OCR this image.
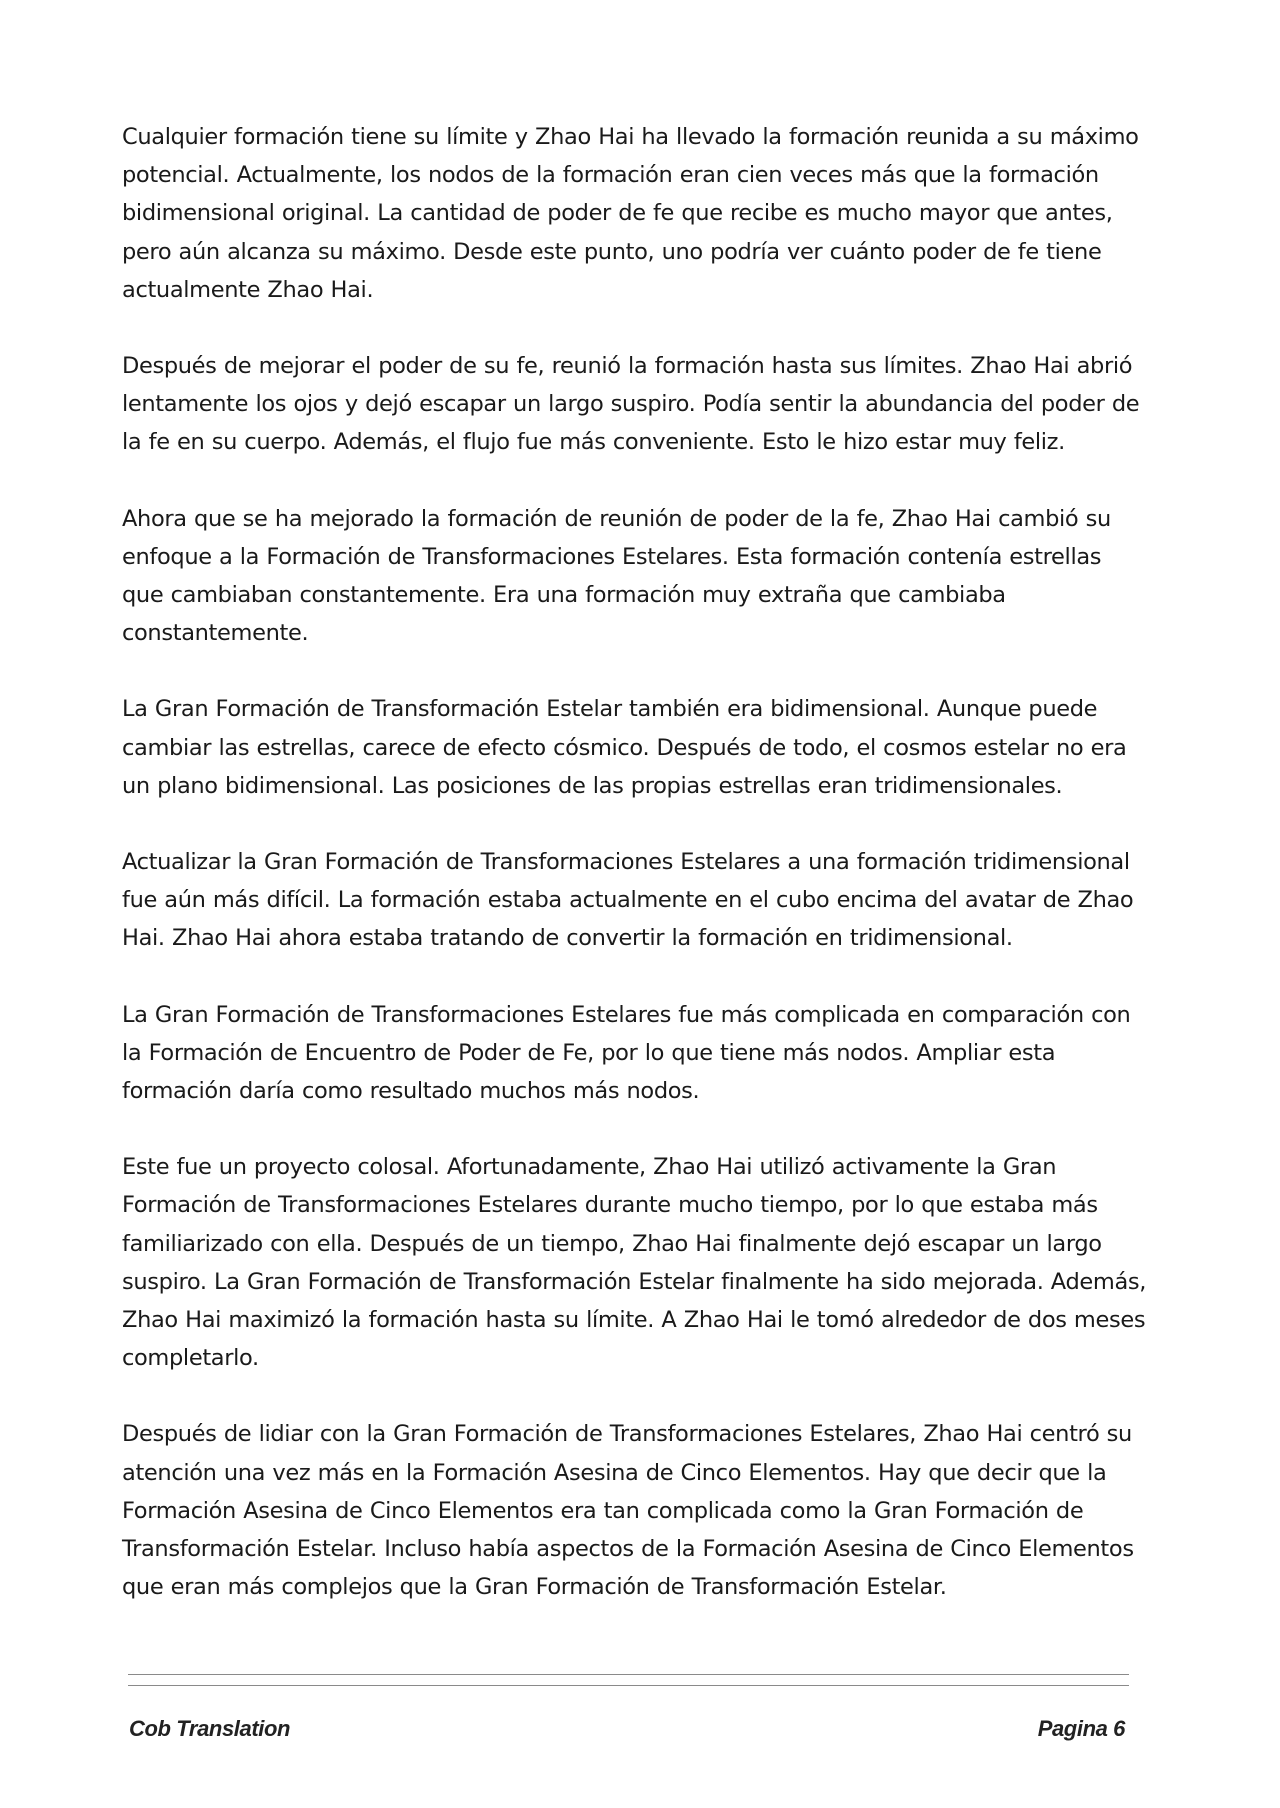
Cualquier formación tiene su límite y Zhao Hai ha llevado la formación reunida a su máximo potencial. Actualmente, los nodos de la formación eran cien veces más que la formación bidimensional original. La cantidad de poder de fe que recibe es mucho mayor que antes, pero aún alcanza su máximo. Desde este punto, uno podría ver cuánto poder de fe tiene actualmente Zhao Hai.

Después de mejorar el poder de su fe, reunió la formación hasta sus límites. Zhao Hai abrió lentamente los ojos y dejó escapar un largo suspiro. Podía sentir la abundancia del poder de la fe en su cuerpo. Además, el flujo fue más conveniente. Esto le hizo estar muy feliz.

Ahora que se ha mejorado la formación de reunión de poder de la fe, Zhao Hai cambió su enfoque a la Formación de Transformaciones Estelares. Esta formación contenía estrellas que cambiaban constantemente. Era una formación muy extraña que cambiaba constantemente.

La Gran Formación de Transformación Estelar también era bidimensional. Aunque puede cambiar las estrellas, carece de efecto cósmico. Después de todo, el cosmos estelar no era un plano bidimensional. Las posiciones de las propias estrellas eran tridimensionales.

Actualizar la Gran Formación de Transformaciones Estelares a una formación tridimensional fue aún más difícil. La formación estaba actualmente en el cubo encima del avatar de Zhao Hai. Zhao Hai ahora estaba tratando de convertir la formación en tridimensional.

La Gran Formación de Transformaciones Estelares fue más complicada en comparación con la Formación de Encuentro de Poder de Fe, por lo que tiene más nodos. Ampliar esta formación daría como resultado muchos más nodos.

Este fue un proyecto colosal. Afortunadamente, Zhao Hai utilizó activamente la Gran Formación de Transformaciones Estelares durante mucho tiempo, por lo que estaba más familiarizado con ella. Después de un tiempo, Zhao Hai finalmente dejó escapar un largo suspiro. La Gran Formación de Transformación Estelar finalmente ha sido mejorada. Además, Zhao Hai maximizó la formación hasta su límite. A Zhao Hai le tomó alrededor de dos meses completarlo.

Después de lidiar con la Gran Formación de Transformaciones Estelares, Zhao Hai centró su atención una vez más en la Formación Asesina de Cinco Elementos. Hay que decir que la Formación Asesina de Cinco Elementos era tan complicada como la Gran Formación de Transformación Estelar. Incluso había aspectos de la Formación Asesina de Cinco Elementos que eran más complejos que la Gran Formación de Transformación Estelar.

Cob Translation	Pagina 6
